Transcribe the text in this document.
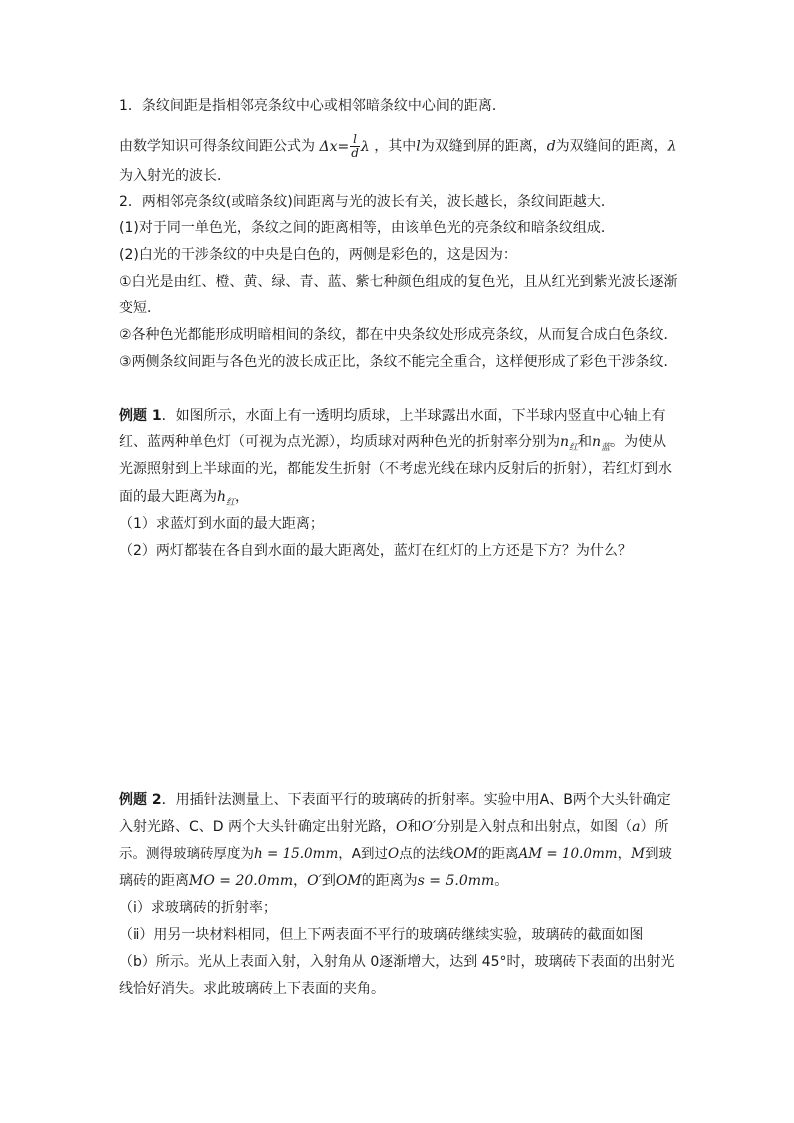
1．条纹间距是指相邻亮条纹中心或相邻暗条纹中心间的距离．
由数学知识可得条纹间距公式为 $\Delta x= \frac{l}{d}$ λ ，其中l为双缝到屏的距离，d为双缝间的距离，λ
为入射光的波长．
2．两相邻亮条纹(或暗条纹)间距离与光的波长有关，波长越长，条纹间距越大．
(1)对于同一单色光，条纹之间的距离相等，由该单色光的亮条纹和暗条纹组成．
(2)白光的干涉条纹的中央是白色的，两侧是彩色的，这是因为：
①白光是由红、橙、黄、绿、青、蓝、紫七种颜色组成的复色光，且从红光到紫光波长逐渐
变短．
②各种色光都能形成明暗相间的条纹，都在中央条纹处形成亮条纹，从而复合成白色条纹．
③两侧条纹间距与各色光的波长成正比，条纹不能完全重合，这样便形成了彩色干涉条纹．
例题 1．如图所示，水面上有一透明均质球，上半球露出水面，下半球内竖直中心轴上有
红、蓝两种单色灯（可视为点光源），均质球对两种色光的折射率分别为$n_红$和$n_蓝$。为使从
光源照射到上半球面的光，都能发生折射（不考虑光线在球内反射后的折射），若红灯到水
面的最大距离为$h_红$，
（1）求蓝灯到水面的最大距离；
（2）两灯都装在各自到水面的最大距离处，蓝灯在红灯的上方还是下方？为什么？
例题 2．用插针法测量上、下表面平行的玻璃砖的折射率。实验中用A、B两个大头针确定
入射光路、C、D 两个大头针确定出射光路，O和O′分别是入射点和出射点，如图（a）所
示。测得玻璃砖厚度为h = 15.0mm，A到过O点的法线OM的距离AM = 10.0mm，M到玻
璃砖的距离MO = 20.0mm，O′到OM的距离为s = 5.0mm。
（ⅰ）求玻璃砖的折射率；
（ⅱ）用另一块材料相同，但上下两表面不平行的玻璃砖继续实验，玻璃砖的截面如图
（b）所示。光从上表面入射，入射角从 0逐渐增大，达到 45°时，玻璃砖下表面的出射光
线恰好消失。求此玻璃砖上下表面的夹角。
